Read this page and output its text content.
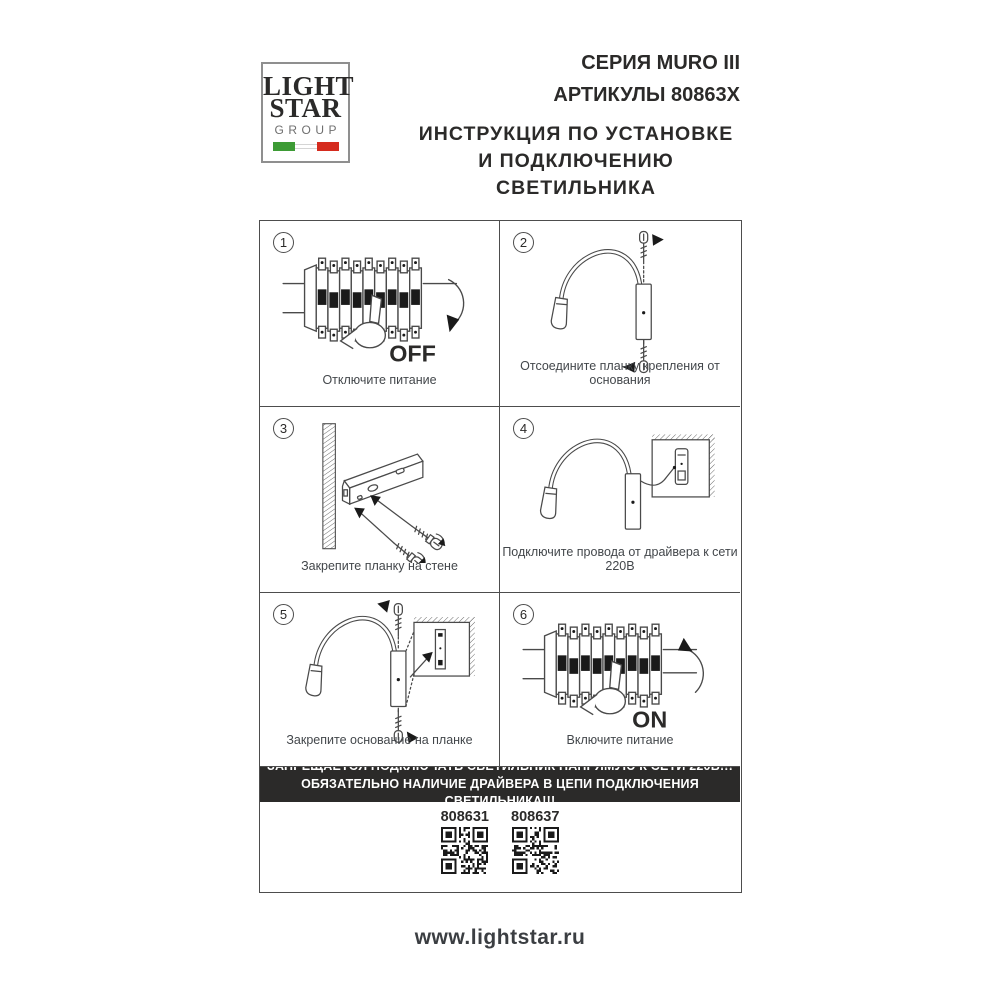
LIGHT
STAR
GROUP
СЕРИЯ MURO III
АРТИКУЛЫ 80863X
ИНСТРУКЦИЯ ПО УСТАНОВКЕ
И ПОДКЛЮЧЕНИЮ СВЕТИЛЬНИКА
1
OFF
Отключите питание
2
Отсоедините планку крепления от основания
3
Закрепите планку на стене
4
Подключите провода от драйвера к сети 220В
5
Закрепите основание на планке
6
ON
Включите питание
ЗАПРЕЩАЕТСЯ ПОДКЛЮЧАТЬ СВЕТИЛЬНИК НАПРЯМУЮ К СЕТИ 220В!!!
ОБЯЗАТЕЛЬНО НАЛИЧИЕ ДРАЙВЕРА В ЦЕПИ ПОДКЛЮЧЕНИЯ СВЕТИЛЬНИКА!!!
808631 808637
www.lightstar.ru
